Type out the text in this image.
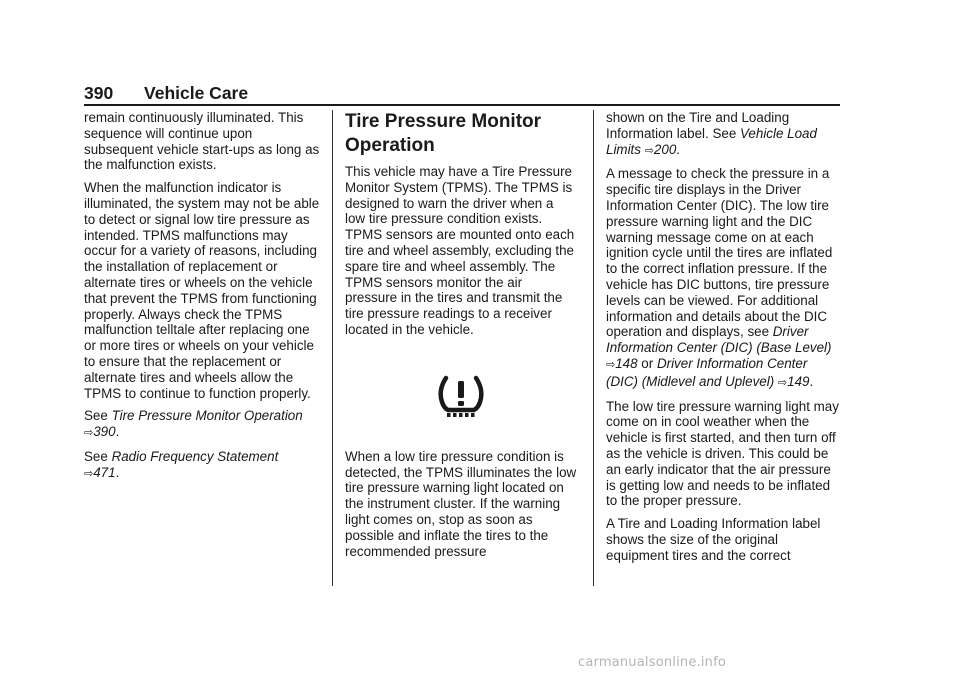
390 Vehicle Care

remain continuously illuminated. This sequence will continue upon subsequent vehicle start-ups as long as the malfunction exists.

When the malfunction indicator is illuminated, the system may not be able to detect or signal low tire pressure as intended. TPMS malfunctions may occur for a variety of reasons, including the installation of replacement or alternate tires or wheels on the vehicle that prevent the TPMS from functioning properly. Always check the TPMS malfunction telltale after replacing one or more tires or wheels on your vehicle to ensure that the replacement or alternate tires and wheels allow the TPMS to continue to function properly.

See Tire Pressure Monitor Operation ⇨390.

See Radio Frequency Statement
⇨471.

Tire Pressure Monitor Operation

This vehicle may have a Tire Pressure Monitor System (TPMS). The TPMS is designed to warn the driver when a low tire pressure condition exists. TPMS sensors are mounted onto each tire and wheel assembly, excluding the spare tire and wheel assembly. The TPMS sensors monitor the air pressure in the tires and transmit the tire pressure readings to a receiver located in the vehicle.

When a low tire pressure condition is detected, the TPMS illuminates the low tire pressure warning light located on the instrument cluster. If the warning light comes on, stop as soon as possible and inflate the tires to the recommended pressure

shown on the Tire and Loading Information label. See Vehicle Load Limits ⇨200.

A message to check the pressure in a specific tire displays in the Driver Information Center (DIC). The low tire pressure warning light and the DIC warning message come on at each ignition cycle until the tires are inflated to the correct inflation pressure. If the vehicle has DIC buttons, tire pressure levels can be viewed. For additional information and details about the DIC operation and displays, see Driver Information Center (DIC) (Base Level) ⇨148 or Driver Information Center (DIC) (Midlevel and Uplevel) ⇨149.

The low tire pressure warning light may come on in cool weather when the vehicle is first started, and then turn off as the vehicle is driven. This could be an early indicator that the air pressure is getting low and needs to be inflated to the proper pressure.

A Tire and Loading Information label shows the size of the original equipment tires and the correct

carmanualsonline.info
